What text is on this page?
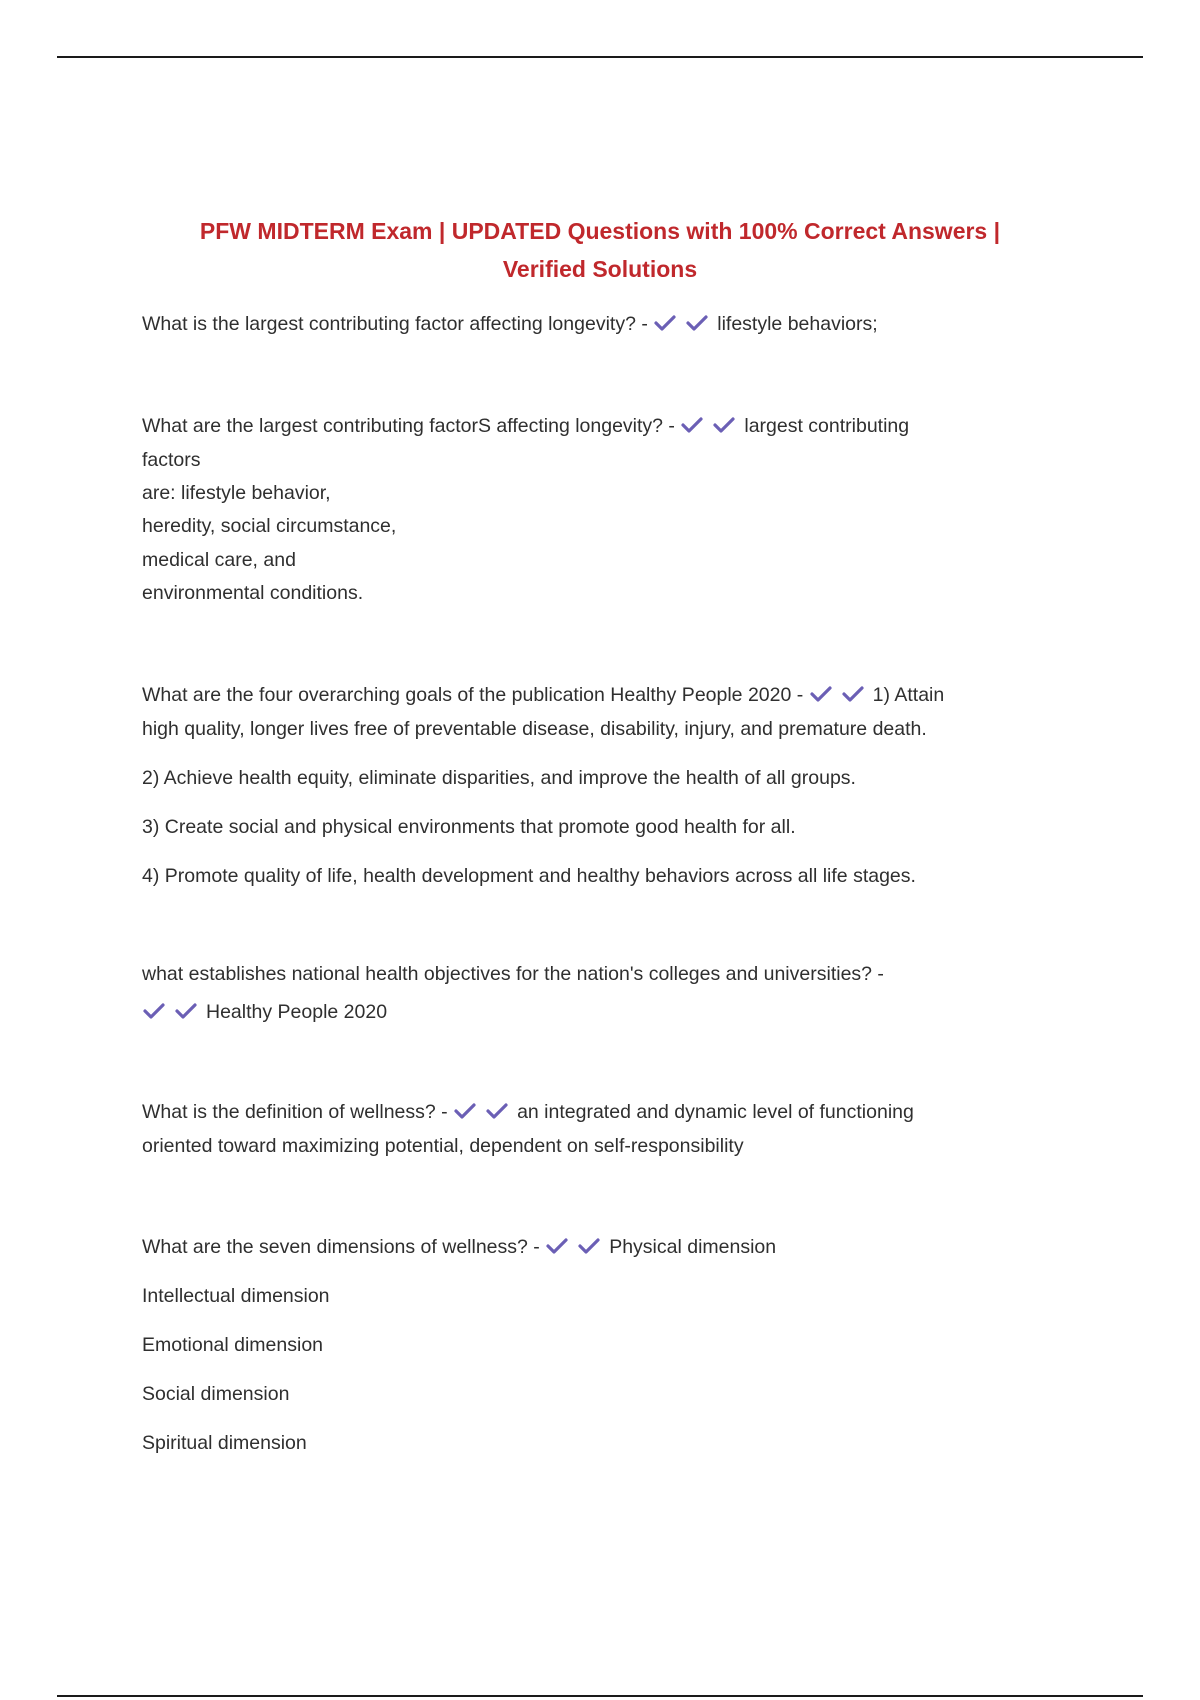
PFW MIDTERM Exam | UPDATED Questions with 100% Correct Answers |
Verified Solutions
What is the largest contributing factor affecting longevity? -	lifestyle behaviors;
What are the largest contributing factorS affecting longevity? -	largest contributing
factors
are: lifestyle behavior,
heredity, social circumstance,
medical care, and
environmental conditions.
What are the four overarching goals of the publication Healthy People 2020 -	1) Attain
high quality, longer lives free of preventable disease, disability, injury, and premature death.
2) Achieve health equity, eliminate disparities, and improve the health of all groups.
3) Create social and physical environments that promote good health for all.
4) Promote quality of life, health development and healthy behaviors across all life stages.
what establishes national health objectives for the nation's colleges and universities? -
Healthy People 2020
What is the definition of wellness? -	an integrated and dynamic level of functioning
oriented toward maximizing potential, dependent on self-responsibility
What are the seven dimensions of wellness? -	Physical dimension
Intellectual dimension
Emotional dimension
Social dimension
Spiritual dimension
